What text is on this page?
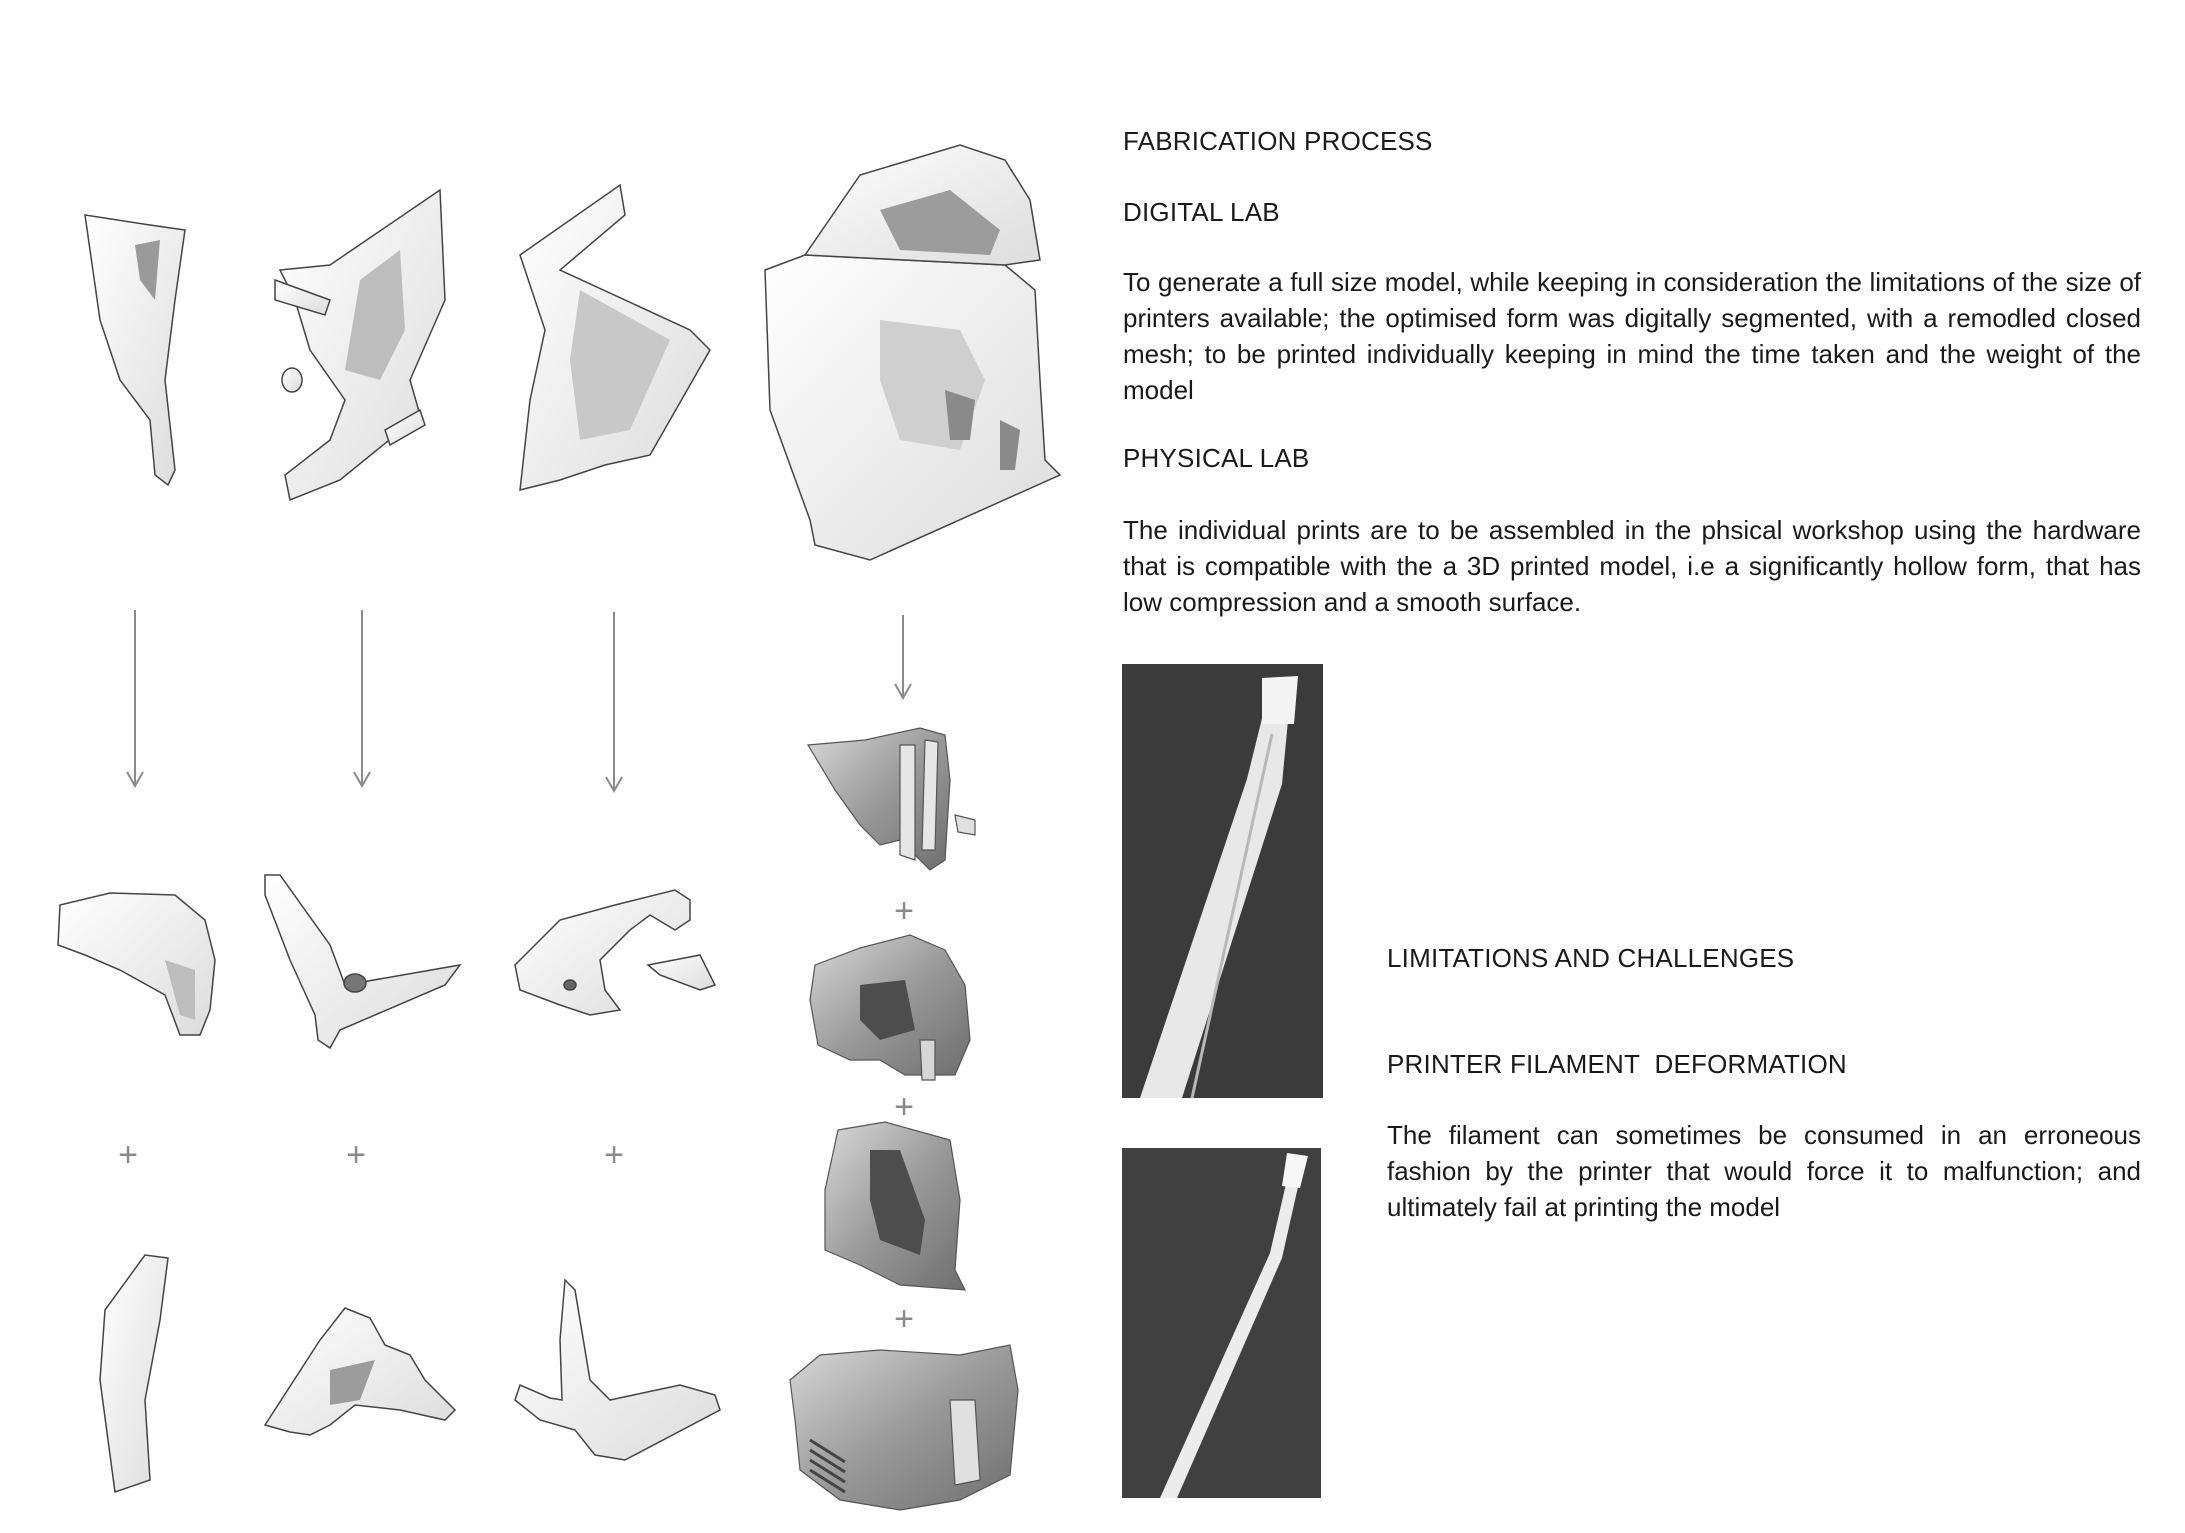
+	+	+
+
+
+
FABRICATION PROCESS
DIGITAL LAB

To generate a full size model, while keeping in consideration the limitations of the size of printers available; the optimised form was digitally segmented, with a remodled closed mesh; to be printed individually keeping in mind the time taken and the weight of the model

PHYSICAL LAB

The individual prints are to be assembled in the phsical workshop using the hardware that is compatible with the a 3D printed model, i.e a significantly hollow form, that has low compression and a smooth surface.

LIMITATIONS AND CHALLENGES
PRINTER FILAMENT  DEFORMATION

The filament can sometimes be consumed in an erroneous fashion by the printer that would force it to malfunction; and ultimately fail at printing the model
